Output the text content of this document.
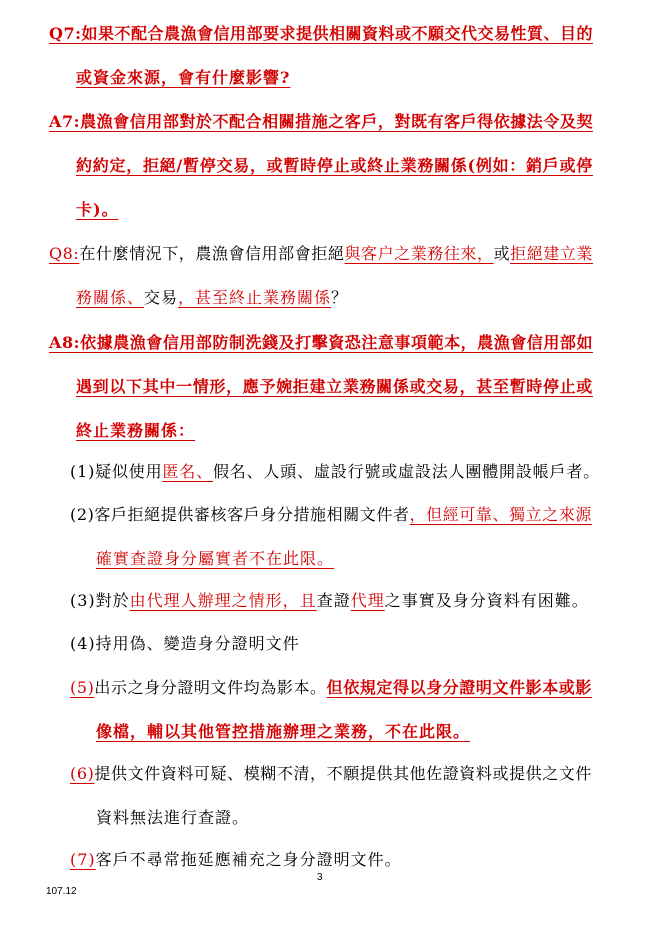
Q7:如果不配合農漁會信用部要求提供相關資料或不願交代交易性質、目的
或資金來源，會有什麼影響?
A7:農漁會信用部對於不配合相關措施之客戶，對既有客戶得依據法令及契
約約定，拒絕/暫停交易，或暫時停止或終止業務關係(例如：銷戶或停
卡)。
Q8:在什麼情況下，農漁會信用部會拒絕與客户之業務往來，或拒絕建立業
務關係、交易，甚至終止業務關係？
A8:依據農漁會信用部防制洗錢及打擊資恐注意事項範本，農漁會信用部如
遇到以下其中一情形，應予婉拒建立業務關係或交易，甚至暫時停止或
終止業務關係：
(1)疑似使用匿名、假名、人頭、虛設行號或虛設法人團體開設帳戶者。
(2)客戶拒絕提供審核客戶身分措施相關文件者，但經可靠、獨立之來源
確實查證身分屬實者不在此限。
(3)對於由代理人辦理之情形，且查證代理之事實及身分資料有困難。
(4)持用偽、變造身分證明文件
(5)出示之身分證明文件均為影本。但依規定得以身分證明文件影本或影
像檔，輔以其他管控措施辦理之業務，不在此限。
(6)提供文件資料可疑、模糊不清，不願提供其他佐證資料或提供之文件
資料無法進行查證。
(7)客戶不尋常拖延應補充之身分證明文件。
3
107.12
